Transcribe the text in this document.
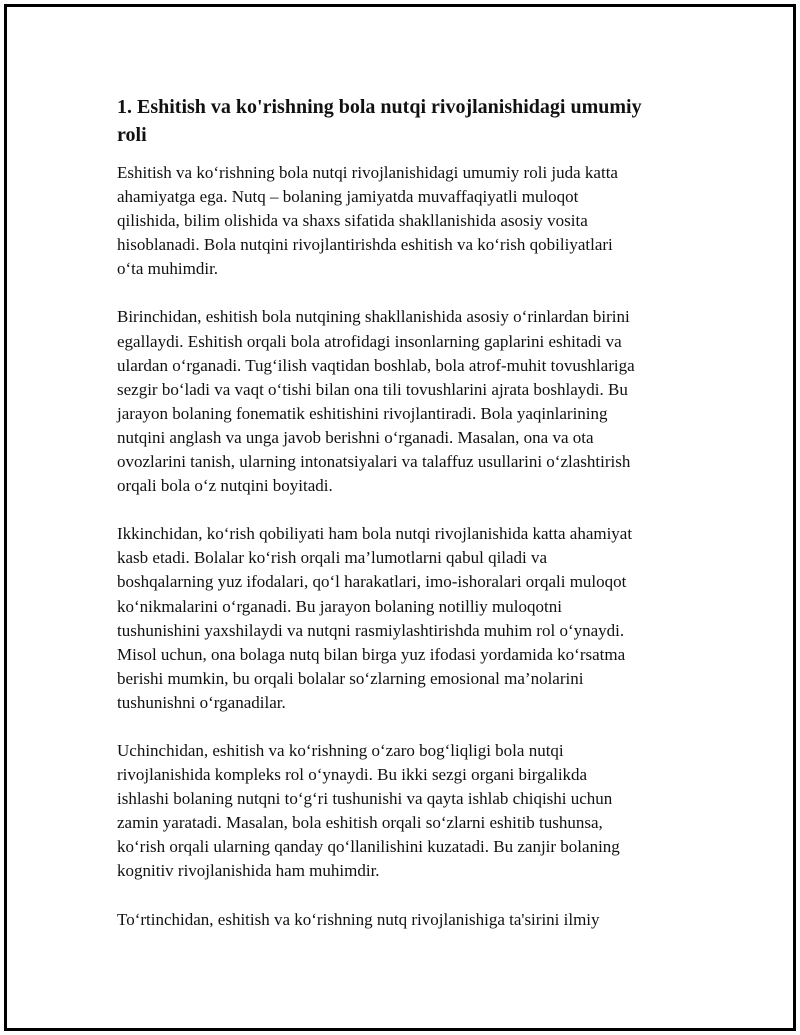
1. Eshitish va ko'rishning bola nutqi rivojlanishidagi umumiy
roli
Eshitish va ko‘rishning bola nutqi rivojlanishidagi umumiy roli juda katta
ahamiyatga ega. Nutq – bolaning jamiyatda muvaffaqiyatli muloqot
qilishida, bilim olishida va shaxs sifatida shakllanishida asosiy vosita
hisoblanadi. Bola nutqini rivojlantirishda eshitish va ko‘rish qobiliyatlari
o‘ta muhimdir.
Birinchidan, eshitish bola nutqining shakllanishida asosiy o‘rinlardan birini
egallaydi. Eshitish orqali bola atrofidagi insonlarning gaplarini eshitadi va
ulardan o‘rganadi. Tug‘ilish vaqtidan boshlab, bola atrof-muhit tovushlariga
sezgir bo‘ladi va vaqt o‘tishi bilan ona tili tovushlarini ajrata boshlaydi. Bu
jarayon bolaning fonematik eshitishini rivojlantiradi. Bola yaqinlarining
nutqini anglash va unga javob berishni o‘rganadi. Masalan, ona va ota
ovozlarini tanish, ularning intonatsiyalari va talaffuz usullarini o‘zlashtirish
orqali bola o‘z nutqini boyitadi.
Ikkinchidan, ko‘rish qobiliyati ham bola nutqi rivojlanishida katta ahamiyat
kasb etadi. Bolalar ko‘rish orqali ma’lumotlarni qabul qiladi va
boshqalarning yuz ifodalari, qo‘l harakatlari, imo-ishoralari orqali muloqot
ko‘nikmalarini o‘rganadi. Bu jarayon bolaning notilliy muloqotni
tushunishini yaxshilaydi va nutqni rasmiylashtirishda muhim rol o‘ynaydi.
Misol uchun, ona bolaga nutq bilan birga yuz ifodasi yordamida ko‘rsatma
berishi mumkin, bu orqali bolalar so‘zlarning emosional ma’nolarini
tushunishni o‘rganadilar.
Uchinchidan, eshitish va ko‘rishning o‘zaro bog‘liqligi bola nutqi
rivojlanishida kompleks rol o‘ynaydi. Bu ikki sezgi organi birgalikda
ishlashi bolaning nutqni to‘g‘ri tushunishi va qayta ishlab chiqishi uchun
zamin yaratadi. Masalan, bola eshitish orqali so‘zlarni eshitib tushunsa,
ko‘rish orqali ularning qanday qo‘llanilishini kuzatadi. Bu zanjir bolaning
kognitiv rivojlanishida ham muhimdir.
To‘rtinchidan, eshitish va ko‘rishning nutq rivojlanishiga ta'sirini ilmiy
